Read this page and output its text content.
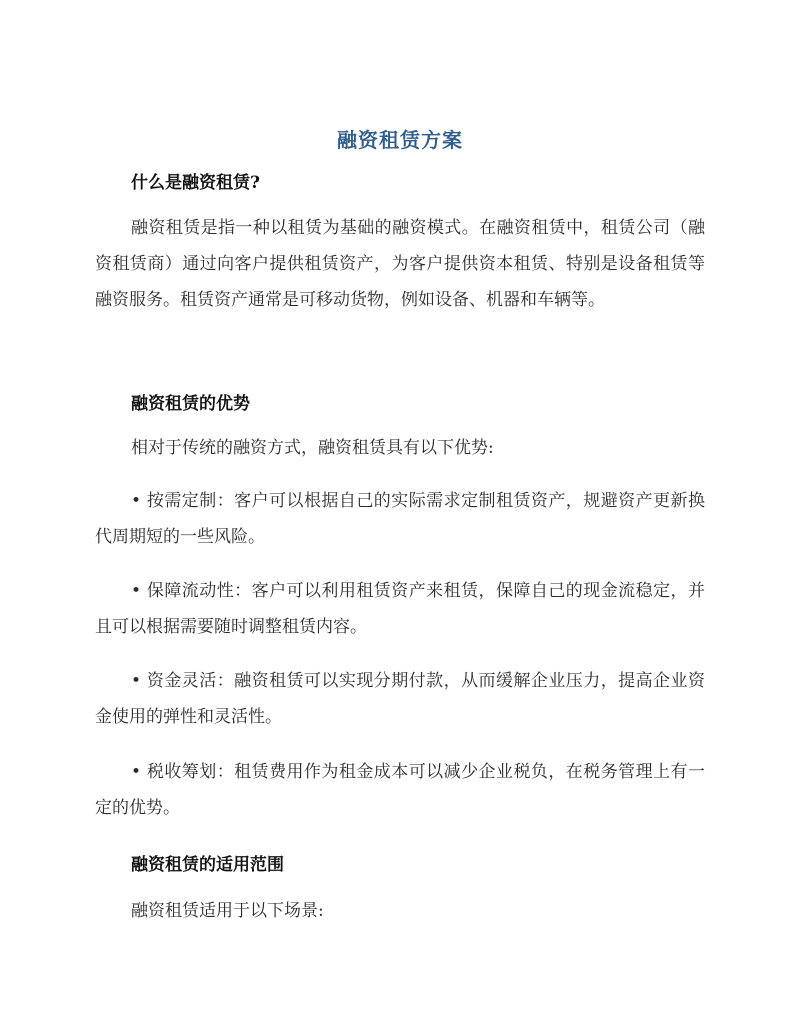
融资租赁方案
什么是融资租赁?
融资租赁是指一种以租赁为基础的融资模式。在融资租赁中，租赁公司（融资租赁商）通过向客户提供租赁资产，为客户提供资本租赁、特别是设备租赁等融资服务。租赁资产通常是可移动货物，例如设备、机器和车辆等。
融资租赁的优势
相对于传统的融资方式，融资租赁具有以下优势:
• 按需定制：客户可以根据自己的实际需求定制租赁资产，规避资产更新换代周期短的一些风险。
• 保障流动性：客户可以利用租赁资产来租赁，保障自己的现金流稳定，并且可以根据需要随时调整租赁内容。
• 资金灵活：融资租赁可以实现分期付款，从而缓解企业压力，提高企业资金使用的弹性和灵活性。
• 税收筹划：租赁费用作为租金成本可以减少企业税负，在税务管理上有一定的优势。
融资租赁的适用范围
融资租赁适用于以下场景:
